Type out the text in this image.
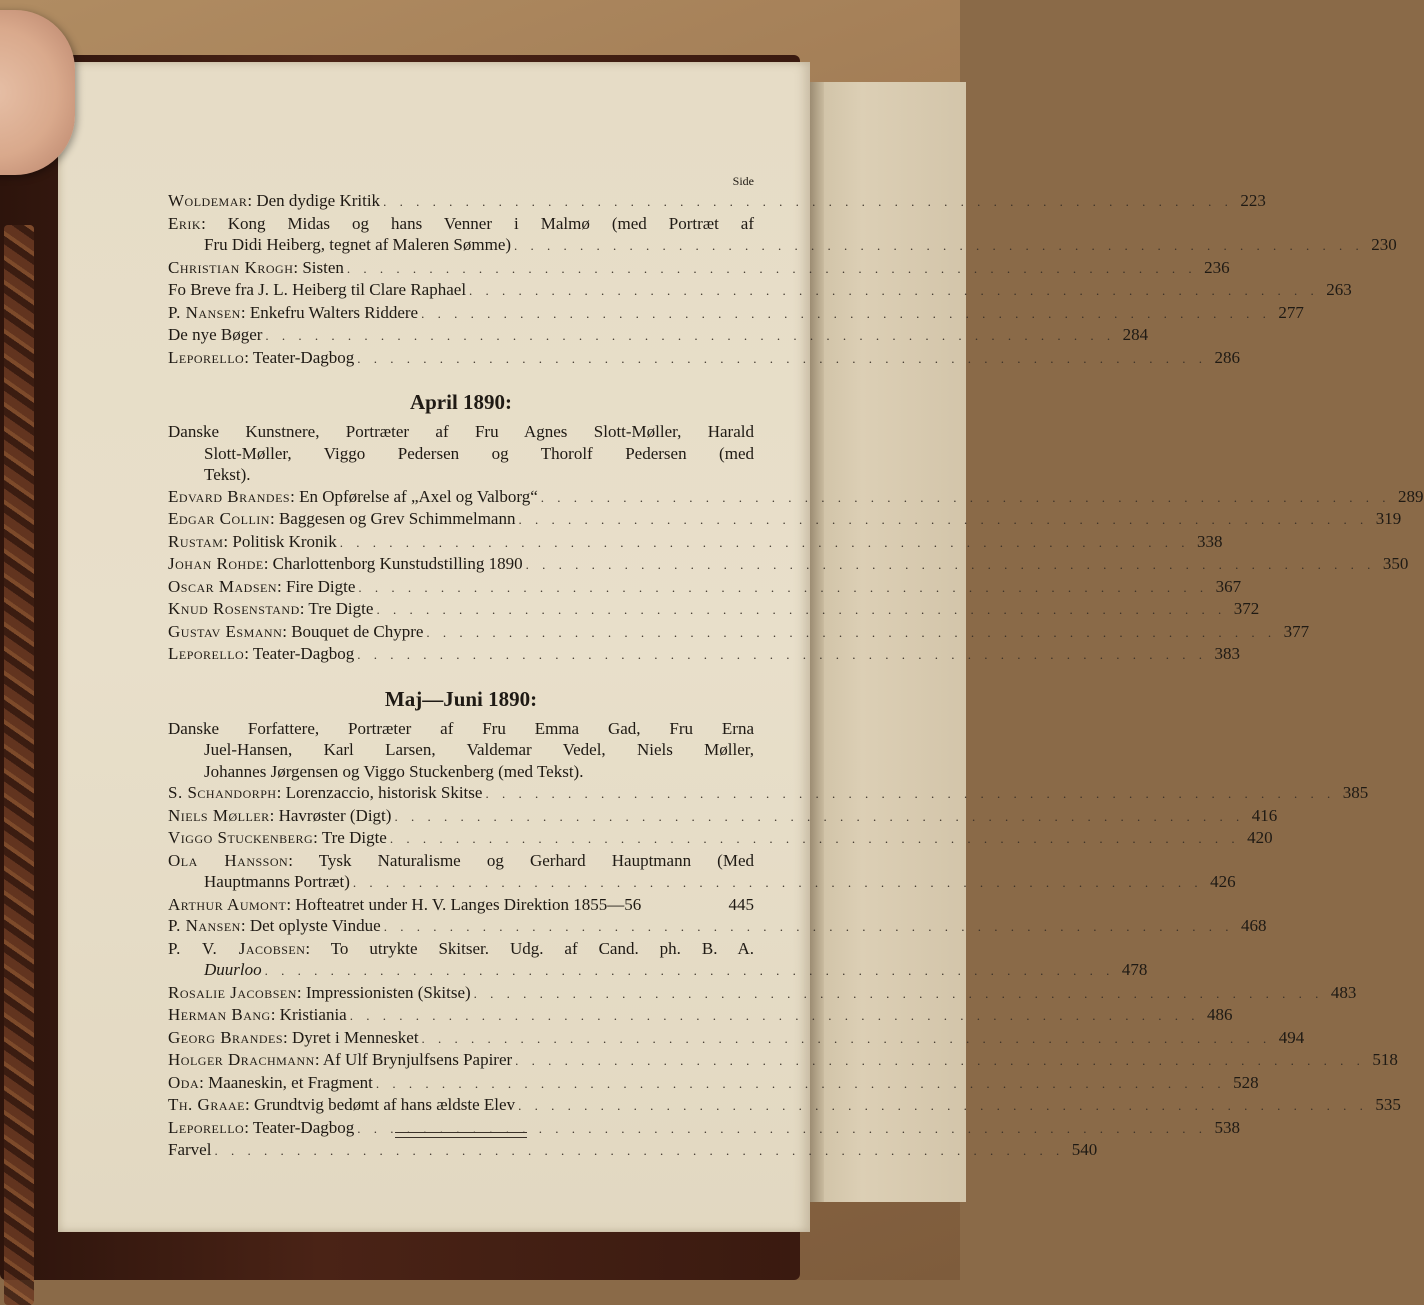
Side
Woldemar: Den dydige Kritik . . . . . . . . . . . . . . . . . . . . . . . . . . . . . . . . . . . . . . . . . . . . . . . . . . . . 223
Erik: Kong Midas og hans Venner i Malmø (med Portræt af
Fru Didi Heiberg, tegnet af Maleren Sømme) . . . . . . . . . . . . . . . . . . . . . . . . . . . . . . . . . . . . . . . . . . . . . . . . . . . . 230
Christian Krogh: Sisten . . . . . . . . . . . . . . . . . . . . . . . . . . . . . . . . . . . . . . . . . . . . . . . . . . . . 236
Fo Breve fra J. L. Heiberg til Clare Raphael . . . . . . . . . . . . . . . . . . . . . . . . . . . . . . . . . . . . . . . . . . . . . . . . . . . . 263
P. Nansen: Enkefru Walters Riddere . . . . . . . . . . . . . . . . . . . . . . . . . . . . . . . . . . . . . . . . . . . . . . . . . . . . 277
De nye Bøger . . . . . . . . . . . . . . . . . . . . . . . . . . . . . . . . . . . . . . . . . . . . . . . . . . . . 284
Leporello: Teater-Dagbog . . . . . . . . . . . . . . . . . . . . . . . . . . . . . . . . . . . . . . . . . . . . . . . . . . . . 286
April 1890:
Danske Kunstnere, Portræter af Fru Agnes Slott-Møller, Harald
Slott-Møller, Viggo Pedersen og Thorolf Pedersen (med
Tekst).
Edvard Brandes: En Opførelse af „Axel og Valborg“ . . . . . . . . . . . . . . . . . . . . . . . . . . . . . . . . . . . . . . . . . . . . . . . . . . . . 289
Edgar Collin: Baggesen og Grev Schimmelmann . . . . . . . . . . . . . . . . . . . . . . . . . . . . . . . . . . . . . . . . . . . . . . . . . . . . 319
Rustam: Politisk Kronik . . . . . . . . . . . . . . . . . . . . . . . . . . . . . . . . . . . . . . . . . . . . . . . . . . . . 338
Johan Rohde: Charlottenborg Kunstudstilling 1890 . . . . . . . . . . . . . . . . . . . . . . . . . . . . . . . . . . . . . . . . . . . . . . . . . . . . 350
Oscar Madsen: Fire Digte . . . . . . . . . . . . . . . . . . . . . . . . . . . . . . . . . . . . . . . . . . . . . . . . . . . . 367
Knud Rosenstand: Tre Digte . . . . . . . . . . . . . . . . . . . . . . . . . . . . . . . . . . . . . . . . . . . . . . . . . . . . 372
Gustav Esmann: Bouquet de Chypre . . . . . . . . . . . . . . . . . . . . . . . . . . . . . . . . . . . . . . . . . . . . . . . . . . . . 377
Leporello: Teater-Dagbog . . . . . . . . . . . . . . . . . . . . . . . . . . . . . . . . . . . . . . . . . . . . . . . . . . . . 383
Maj—Juni 1890:
Danske Forfattere, Portræter af Fru Emma Gad, Fru Erna
Juel-Hansen, Karl Larsen, Valdemar Vedel, Niels Møller,
Johannes Jørgensen og Viggo Stuckenberg (med Tekst).
S. Schandorph: Lorenzaccio, historisk Skitse . . . . . . . . . . . . . . . . . . . . . . . . . . . . . . . . . . . . . . . . . . . . . . . . . . . . 385
Niels Møller: Havrøster (Digt) . . . . . . . . . . . . . . . . . . . . . . . . . . . . . . . . . . . . . . . . . . . . . . . . . . . . 416
Viggo Stuckenberg: Tre Digte . . . . . . . . . . . . . . . . . . . . . . . . . . . . . . . . . . . . . . . . . . . . . . . . . . . . 420
Ola Hansson: Tysk Naturalisme og Gerhard Hauptmann (Med
Hauptmanns Portræt) . . . . . . . . . . . . . . . . . . . . . . . . . . . . . . . . . . . . . . . . . . . . . . . . . . . . 426
Arthur Aumont: Hofteatret under H. V. Langes Direktion 1855—56	445
P. Nansen: Det oplyste Vindue . . . . . . . . . . . . . . . . . . . . . . . . . . . . . . . . . . . . . . . . . . . . . . . . . . . . 468
P. V. Jacobsen: To utrykte Skitser. Udg. af Cand. ph. B. A.
Duurloo . . . . . . . . . . . . . . . . . . . . . . . . . . . . . . . . . . . . . . . . . . . . . . . . . . . . 478
Rosalie Jacobsen: Impressionisten (Skitse) . . . . . . . . . . . . . . . . . . . . . . . . . . . . . . . . . . . . . . . . . . . . . . . . . . . . 483
Herman Bang: Kristiania . . . . . . . . . . . . . . . . . . . . . . . . . . . . . . . . . . . . . . . . . . . . . . . . . . . . 486
Georg Brandes: Dyret i Mennesket . . . . . . . . . . . . . . . . . . . . . . . . . . . . . . . . . . . . . . . . . . . . . . . . . . . . 494
Holger Drachmann: Af Ulf Brynjulfsens Papirer . . . . . . . . . . . . . . . . . . . . . . . . . . . . . . . . . . . . . . . . . . . . . . . . . . . . 518
Oda: Maaneskin, et Fragment . . . . . . . . . . . . . . . . . . . . . . . . . . . . . . . . . . . . . . . . . . . . . . . . . . . . 528
Th. Graae: Grundtvig bedømt af hans ældste Elev . . . . . . . . . . . . . . . . . . . . . . . . . . . . . . . . . . . . . . . . . . . . . . . . . . . . 535
Leporello: Teater-Dagbog . . . . . . . . . . . . . . . . . . . . . . . . . . . . . . . . . . . . . . . . . . . . . . . . . . . . 538
Farvel . . . . . . . . . . . . . . . . . . . . . . . . . . . . . . . . . . . . . . . . . . . . . . . . . . . . 540
